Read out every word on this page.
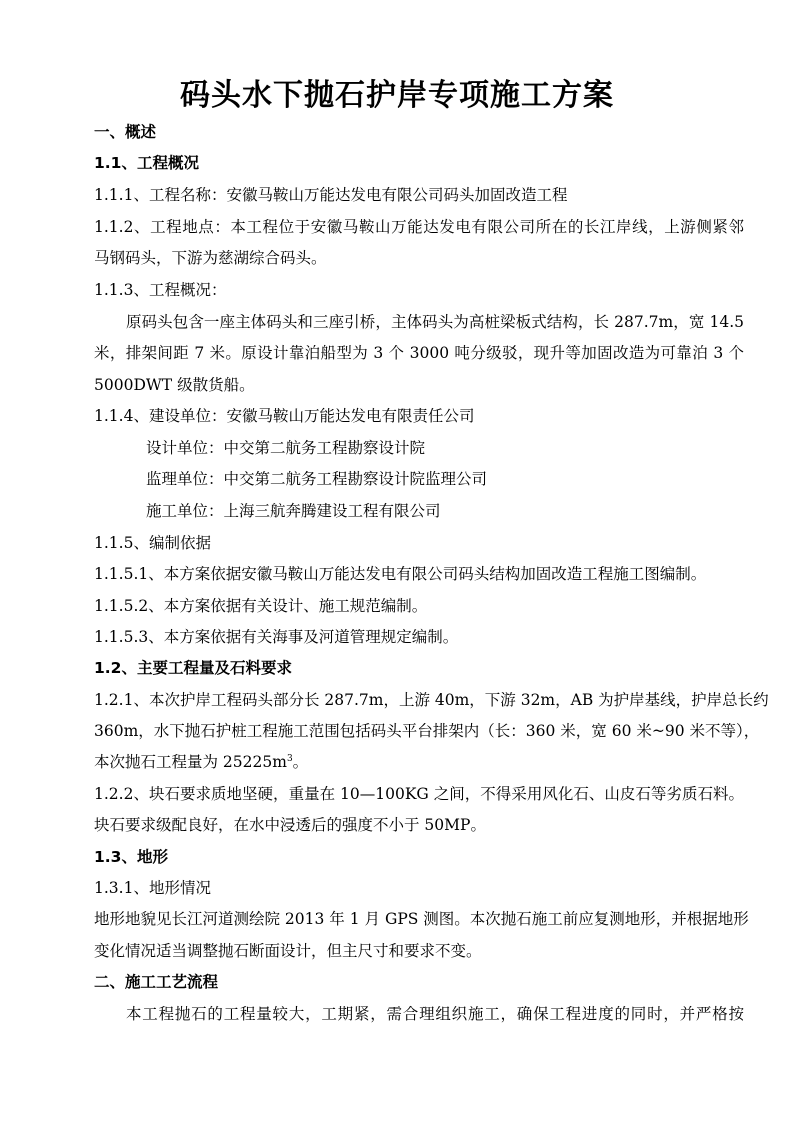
码头水下抛石护岸专项施工方案
一、概述
1.1、工程概况
1.1.1、工程名称：安徽马鞍山万能达发电有限公司码头加固改造工程
1.1.2、工程地点：本工程位于安徽马鞍山万能达发电有限公司所在的长江岸线，上游侧紧邻
马钢码头，下游为慈湖综合码头。
1.1.3、工程概况：
原码头包含一座主体码头和三座引桥，主体码头为高桩梁板式结构，长 287.7m，宽 14.5
米，排架间距 7 米。原设计靠泊船型为 3 个 3000 吨分级驳，现升等加固改造为可靠泊 3 个
5000DWT 级散货船。
1.1.4、建设单位：安徽马鞍山万能达发电有限责任公司
设计单位：中交第二航务工程勘察设计院
监理单位：中交第二航务工程勘察设计院监理公司
施工单位：上海三航奔腾建设工程有限公司
1.1.5、编制依据
1.1.5.1、本方案依据安徽马鞍山万能达发电有限公司码头结构加固改造工程施工图编制。
1.1.5.2、本方案依据有关设计、施工规范编制。
1.1.5.3、本方案依据有关海事及河道管理规定编制。
1.2、主要工程量及石料要求
1.2.1、本次护岸工程码头部分长 287.7m，上游 40m，下游 32m，AB 为护岸基线，护岸总长约
360m，水下抛石护桩工程施工范围包括码头平台排架内（长：360 米，宽 60 米~90 米不等），
本次抛石工程量为 $25225m^3$。
1.2.2、块石要求质地坚硬，重量在 10—100KG 之间，不得采用风化石、山皮石等劣质石料。
块石要求级配良好，在水中浸透后的强度不小于 50MP。
1.3、地形
1.3.1、地形情况
地形地貌见长江河道测绘院 2013 年 1 月 GPS 测图。本次抛石施工前应复测地形，并根据地形
变化情况适当调整抛石断面设计，但主尺寸和要求不变。
二、施工工艺流程
本工程抛石的工程量较大，工期紧，需合理组织施工，确保工程进度的同时，并严格按
